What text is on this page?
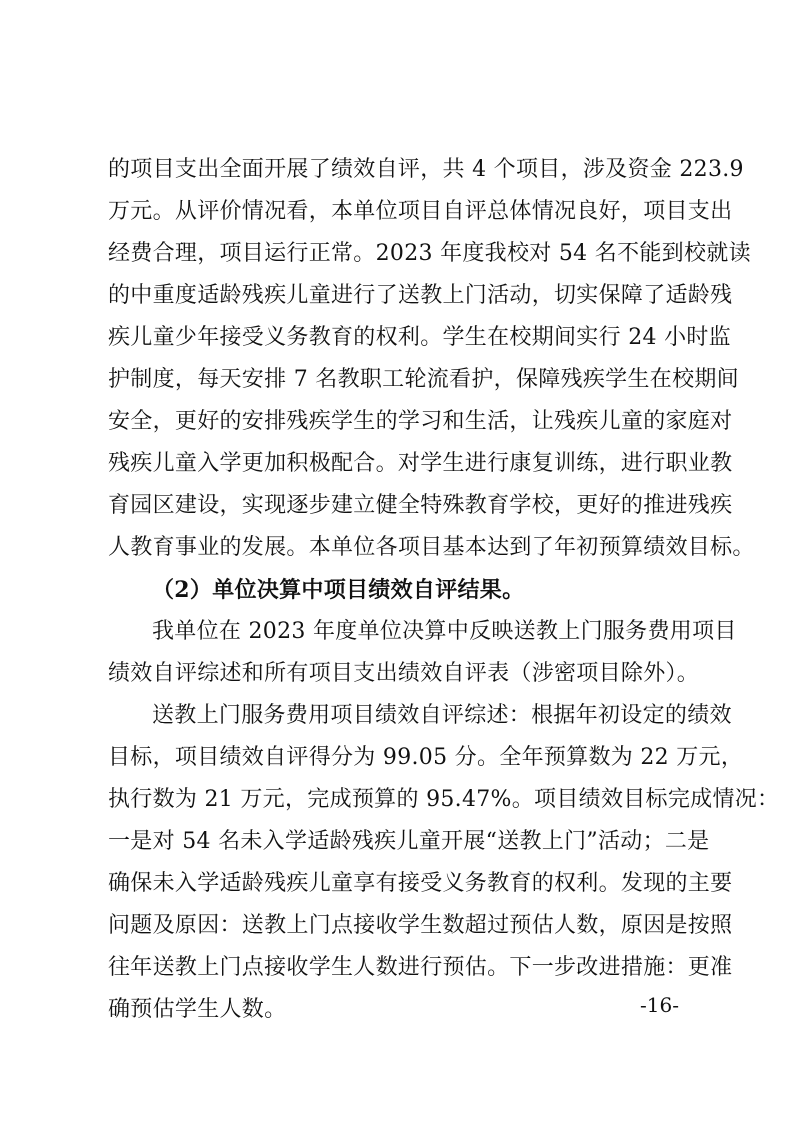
的项目支出全面开展了绩效自评，共 4 个项目，涉及资金 223.9
万元。从评价情况看，本单位项目自评总体情况良好，项目支出
经费合理，项目运行正常。2023 年度我校对 54 名不能到校就读
的中重度适龄残疾儿童进行了送教上门活动，切实保障了适龄残
疾儿童少年接受义务教育的权利。学生在校期间实行 24 小时监
护制度，每天安排 7 名教职工轮流看护，保障残疾学生在校期间
安全，更好的安排残疾学生的学习和生活，让残疾儿童的家庭对
残疾儿童入学更加积极配合。对学生进行康复训练，进行职业教
育园区建设，实现逐步建立健全特殊教育学校，更好的推进残疾
人教育事业的发展。本单位各项目基本达到了年初预算绩效目标。
（2）单位决算中项目绩效自评结果。
我单位在 2023 年度单位决算中反映送教上门服务费用项目
绩效自评综述和所有项目支出绩效自评表（涉密项目除外）。
送教上门服务费用项目绩效自评综述：根据年初设定的绩效
目标，项目绩效自评得分为 99.05 分。全年预算数为 22 万元，
执行数为 21 万元，完成预算的 95.47%。项目绩效目标完成情况：
一是对 54 名未入学适龄残疾儿童开展“送教上门”活动；二是
确保未入学适龄残疾儿童享有接受义务教育的权利。发现的主要
问题及原因：送教上门点接收学生数超过预估人数，原因是按照
往年送教上门点接收学生人数进行预估。下一步改进措施：更准
确预估学生人数。	-16-
